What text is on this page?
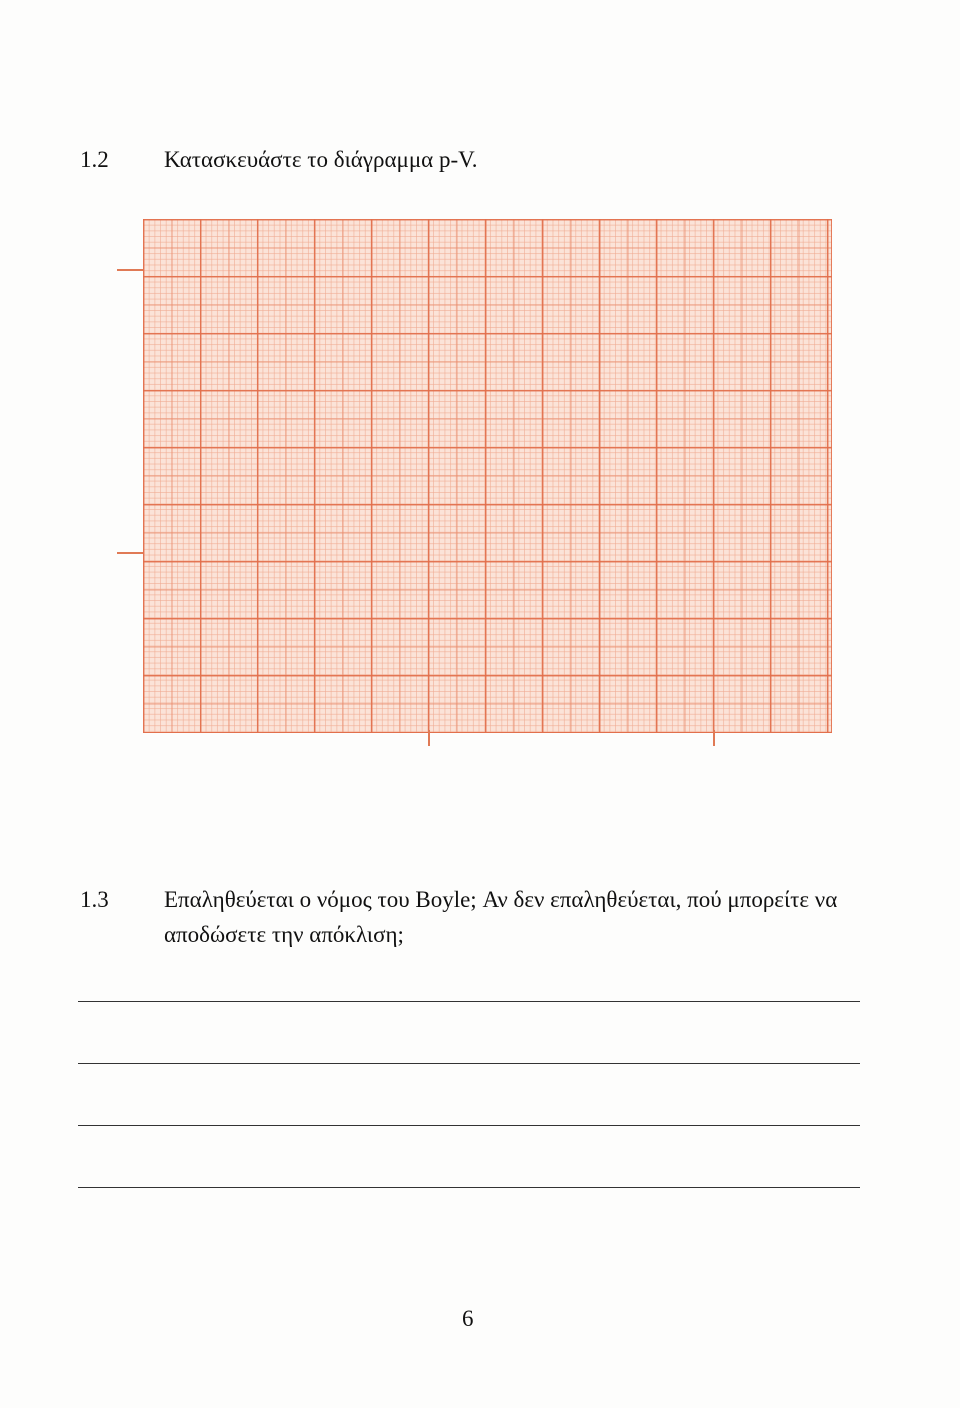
1.2 Κατασκευάστε το διάγραμμα p-V.
1.3 Επαληθεύεται ο νόμος του Boyle; Αν δεν επαληθεύεται, πού μπορείτε να
αποδώσετε την απόκλιση;
6
